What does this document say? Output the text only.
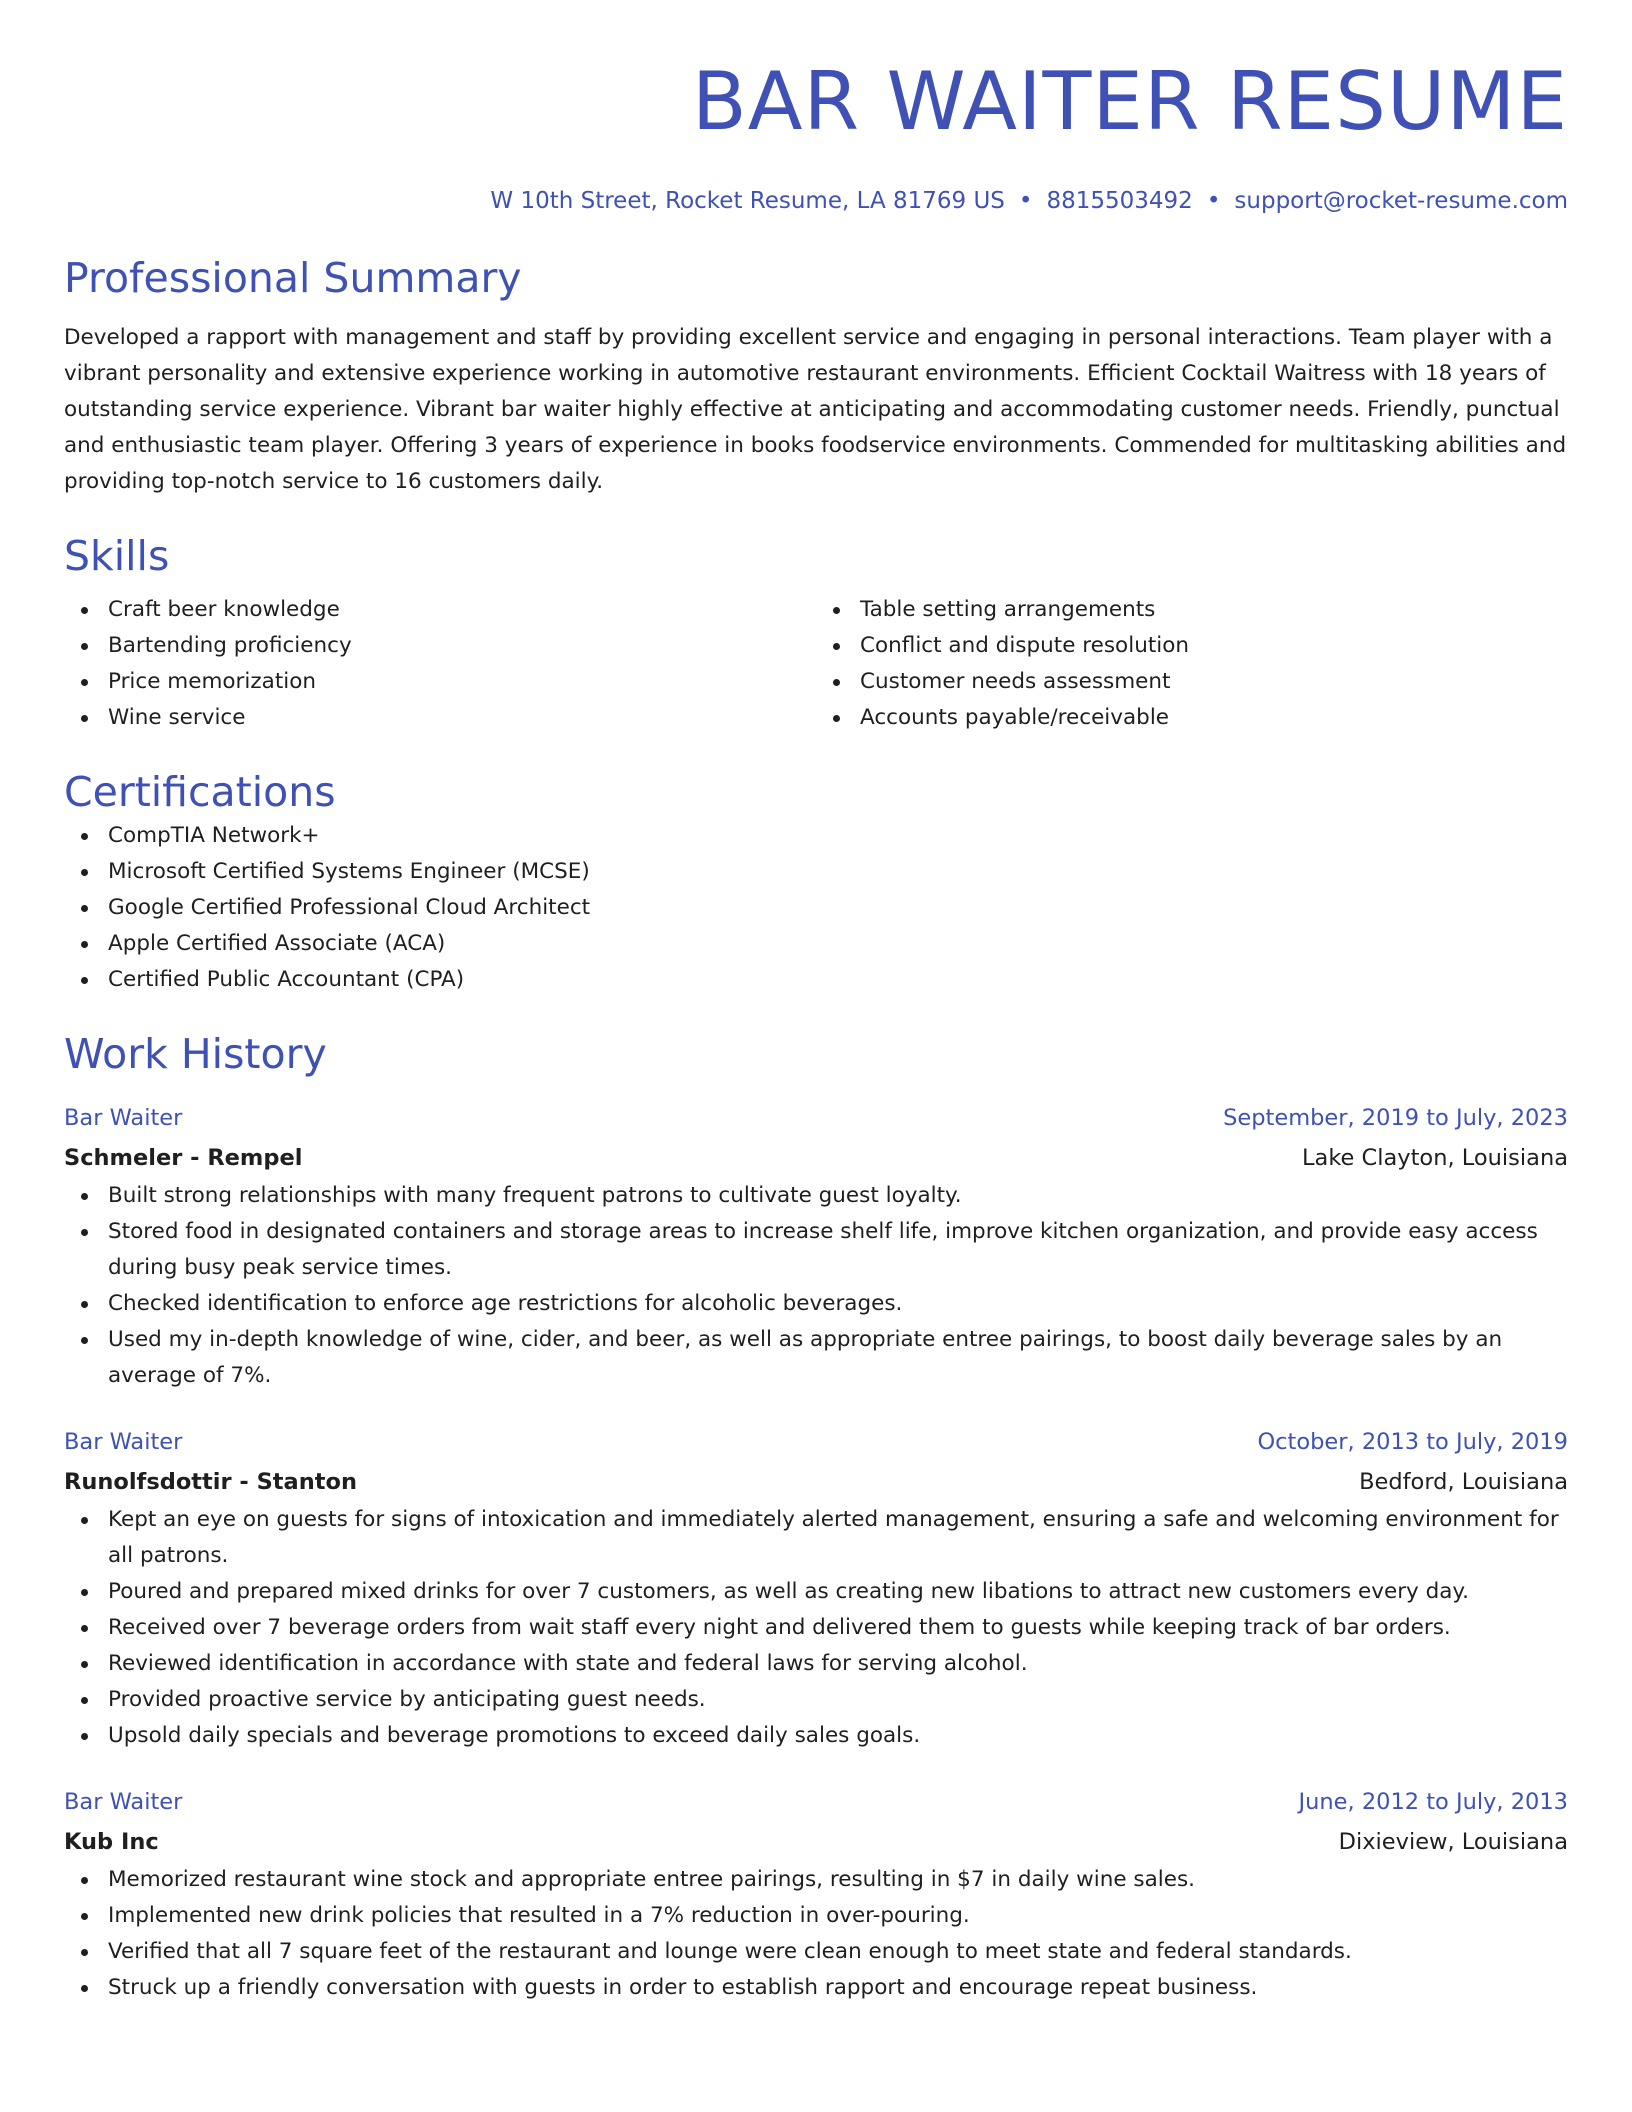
BAR WAITER RESUME
W 10th Street, Rocket Resume, LA 81769 US • 8815503492 • support@rocket-resume.com
Professional Summary

Developed a rapport with management and staff by providing excellent service and engaging in personal interactions. Team player with a vibrant personality and extensive experience working in automotive restaurant environments. Efficient Cocktail Waitress with 18 years of outstanding service experience. Vibrant bar waiter highly effective at anticipating and accommodating customer needs. Friendly, punctual and enthusiastic team player. Offering 3 years of experience in books foodservice environments. Commended for multitasking abilities and providing top-notch service to 16 customers daily.

Skills
Craft beer knowledge
Bartending proficiency
Price memorization
Wine service
Table setting arrangements
Conflict and dispute resolution
Customer needs assessment
Accounts payable/receivable
Certifications
CompTIA Network+
Microsoft Certified Systems Engineer (MCSE)
Google Certified Professional Cloud Architect
Apple Certified Associate (ACA)
Certified Public Accountant (CPA)
Work History
Bar Waiter	September, 2019 to July, 2023
Schmeler - Rempel	Lake Clayton, Louisiana
Built strong relationships with many frequent patrons to cultivate guest loyalty.
Stored food in designated containers and storage areas to increase shelf life, improve kitchen organization, and provide easy access during busy peak service times.
Checked identification to enforce age restrictions for alcoholic beverages.
Used my in-depth knowledge of wine, cider, and beer, as well as appropriate entree pairings, to boost daily beverage sales by an average of 7%.
Bar Waiter	October, 2013 to July, 2019
Runolfsdottir - Stanton	Bedford, Louisiana
Kept an eye on guests for signs of intoxication and immediately alerted management, ensuring a safe and welcoming environment for all patrons.
Poured and prepared mixed drinks for over 7 customers, as well as creating new libations to attract new customers every day.
Received over 7 beverage orders from wait staff every night and delivered them to guests while keeping track of bar orders.
Reviewed identification in accordance with state and federal laws for serving alcohol.
Provided proactive service by anticipating guest needs.
Upsold daily specials and beverage promotions to exceed daily sales goals.
Bar Waiter	June, 2012 to July, 2013
Kub Inc	Dixieview, Louisiana
Memorized restaurant wine stock and appropriate entree pairings, resulting in $7 in daily wine sales.
Implemented new drink policies that resulted in a 7% reduction in over-pouring.
Verified that all 7 square feet of the restaurant and lounge were clean enough to meet state and federal standards.
Struck up a friendly conversation with guests in order to establish rapport and encourage repeat business.
